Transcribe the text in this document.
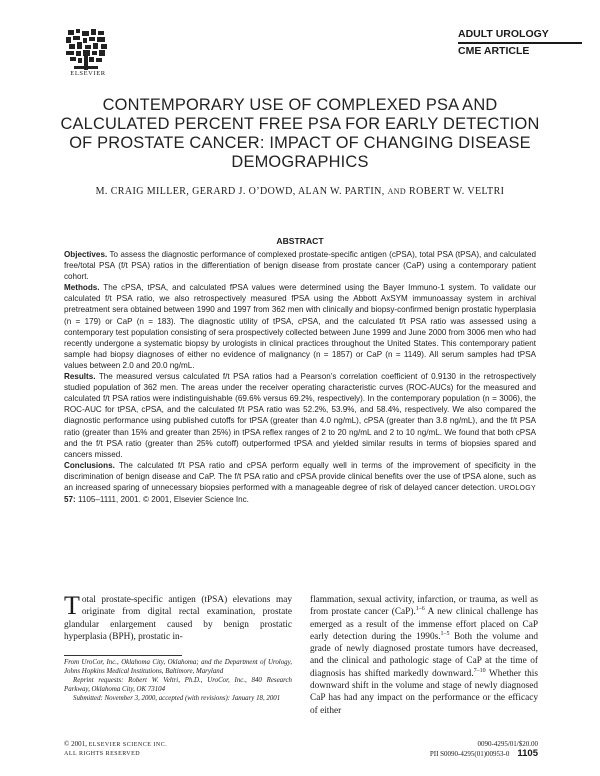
ELSEVIER
ADULT UROLOGY
CME ARTICLE
CONTEMPORARY USE OF COMPLEXED PSA AND CALCULATED PERCENT FREE PSA FOR EARLY DETECTION OF PROSTATE CANCER: IMPACT OF CHANGING DISEASE DEMOGRAPHICS
M. CRAIG MILLER, GERARD J. O’DOWD, ALAN W. PARTIN, AND ROBERT W. VELTRI
ABSTRACT

Objectives. To assess the diagnostic performance of complexed prostate-specific antigen (cPSA), total PSA (tPSA), and calculated free/total PSA (f/t PSA) ratios in the differentiation of benign disease from prostate cancer (CaP) using a contemporary patient cohort.

Methods. The cPSA, tPSA, and calculated fPSA values were determined using the Bayer Immuno-1 system. To validate our calculated f/t PSA ratio, we also retrospectively measured fPSA using the Abbott AxSYM immunoassay system in archival pretreatment sera obtained between 1990 and 1997 from 362 men with clinically and biopsy-confirmed benign prostatic hyperplasia (n = 179) or CaP (n = 183). The diagnostic utility of tPSA, cPSA, and the calculated f/t PSA ratio was assessed using a contemporary test population consisting of sera prospectively collected between June 1999 and June 2000 from 3006 men who had recently undergone a systematic biopsy by urologists in clinical practices throughout the United States. This contemporary patient sample had biopsy diagnoses of either no evidence of malignancy (n = 1857) or CaP (n = 1149). All serum samples had tPSA values between 2.0 and 20.0 ng/mL.

Results. The measured versus calculated f/t PSA ratios had a Pearson’s correlation coefficient of 0.9130 in the retrospectively studied population of 362 men. The areas under the receiver operating characteristic curves (ROC-AUCs) for the measured and calculated f/t PSA ratios were indistinguishable (69.6% versus 69.2%, respectively). In the contemporary population (n = 3006), the ROC-AUC for tPSA, cPSA, and the calculated f/t PSA ratio was 52.2%, 53.9%, and 58.4%, respectively. We also compared the diagnostic performance using published cutoffs for tPSA (greater than 4.0 ng/mL), cPSA (greater than 3.8 ng/mL), and the f/t PSA ratio (greater than 15% and greater than 25%) in tPSA reflex ranges of 2 to 20 ng/mL and 2 to 10 ng/mL. We found that both cPSA and the f/t PSA ratio (greater than 25% cutoff) outperformed tPSA and yielded similar results in terms of biopsies spared and cancers missed.

Conclusions. The calculated f/t PSA ratio and cPSA perform equally well in terms of the improvement of specificity in the discrimination of benign disease and CaP. The f/t PSA ratio and cPSA provide clinical benefits over the use of tPSA alone, such as an increased sparing of unnecessary biopsies performed with a manageable degree of risk of delayed cancer detection. UROLOGY 57: 1105–1111, 2001. © 2001, Elsevier Science Inc.

Total prostate-specific antigen (tPSA) elevations may originate from digital rectal examination, prostate glandular enlargement caused by benign prostatic hyperplasia (BPH), prostatic in-
flammation, sexual activity, infarction, or trauma, as well as from prostate cancer (CaP).$^{1-6}$ A new clinical challenge has emerged as a result of the immense effort placed on CaP early detection during the 1990s.$^{1-5}$ Both the volume and grade of newly diagnosed prostate tumors have decreased, and the clinical and pathologic stage of CaP at the time of diagnosis has shifted markedly downward.$^{7-10}$ Whether this downward shift in the volume and stage of newly diagnosed CaP has had any impact on the performance or the efficacy of either

From UroCor, Inc., Oklahoma City, Oklahoma; and the Department of Urology, Johns Hopkins Medical Institutions, Baltimore, Maryland

Reprint requests: Robert W. Veltri, Ph.D., UroCor, Inc., 840 Research Parkway, Oklahoma City, OK 73104

Submitted: November 3, 2000, accepted (with revisions): January 18, 2001

© 2001, ELSEVIER SCIENCE INC.
ALL RIGHTS RESERVED
0090-4295/01/$20.00
PII S0090-4295(01)00953-0 1105
